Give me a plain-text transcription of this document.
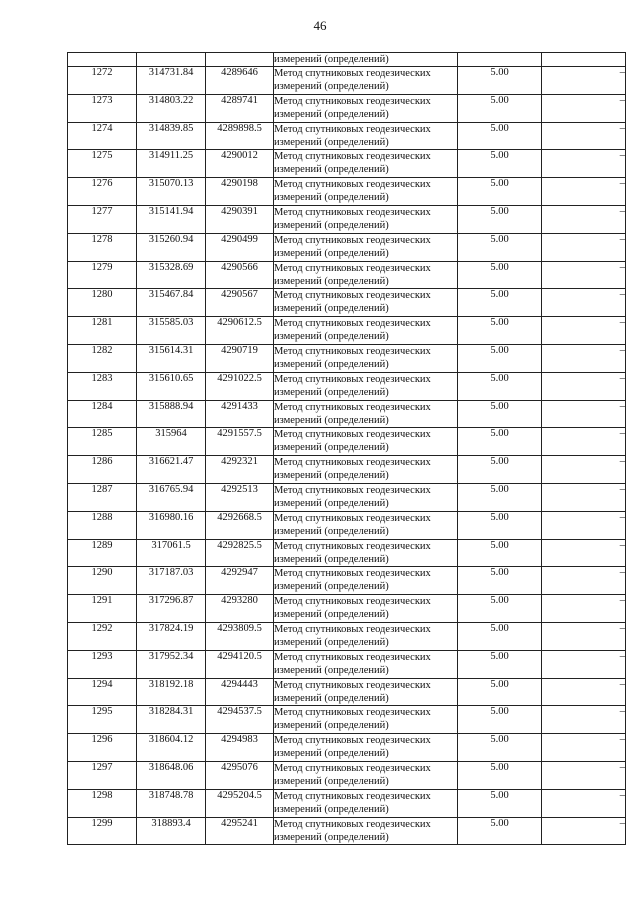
46
			измерений (определений)		
1272	314731.84	4289646	Метод спутниковых геодезических
измерений (определений)	5.00	–
1273	314803.22	4289741	Метод спутниковых геодезических
измерений (определений)	5.00	–
1274	314839.85	4289898.5	Метод спутниковых геодезических
измерений (определений)	5.00	–
1275	314911.25	4290012	Метод спутниковых геодезических
измерений (определений)	5.00	–
1276	315070.13	4290198	Метод спутниковых геодезических
измерений (определений)	5.00	–
1277	315141.94	4290391	Метод спутниковых геодезических
измерений (определений)	5.00	–
1278	315260.94	4290499	Метод спутниковых геодезических
измерений (определений)	5.00	–
1279	315328.69	4290566	Метод спутниковых геодезических
измерений (определений)	5.00	–
1280	315467.84	4290567	Метод спутниковых геодезических
измерений (определений)	5.00	–
1281	315585.03	4290612.5	Метод спутниковых геодезических
измерений (определений)	5.00	–
1282	315614.31	4290719	Метод спутниковых геодезических
измерений (определений)	5.00	–
1283	315610.65	4291022.5	Метод спутниковых геодезических
измерений (определений)	5.00	–
1284	315888.94	4291433	Метод спутниковых геодезических
измерений (определений)	5.00	–
1285	315964	4291557.5	Метод спутниковых геодезических
измерений (определений)	5.00	–
1286	316621.47	4292321	Метод спутниковых геодезических
измерений (определений)	5.00	–
1287	316765.94	4292513	Метод спутниковых геодезических
измерений (определений)	5.00	–
1288	316980.16	4292668.5	Метод спутниковых геодезических
измерений (определений)	5.00	–
1289	317061.5	4292825.5	Метод спутниковых геодезических
измерений (определений)	5.00	–
1290	317187.03	4292947	Метод спутниковых геодезических
измерений (определений)	5.00	–
1291	317296.87	4293280	Метод спутниковых геодезических
измерений (определений)	5.00	–
1292	317824.19	4293809.5	Метод спутниковых геодезических
измерений (определений)	5.00	–
1293	317952.34	4294120.5	Метод спутниковых геодезических
измерений (определений)	5.00	–
1294	318192.18	4294443	Метод спутниковых геодезических
измерений (определений)	5.00	–
1295	318284.31	4294537.5	Метод спутниковых геодезических
измерений (определений)	5.00	–
1296	318604.12	4294983	Метод спутниковых геодезических
измерений (определений)	5.00	–
1297	318648.06	4295076	Метод спутниковых геодезических
измерений (определений)	5.00	–
1298	318748.78	4295204.5	Метод спутниковых геодезических
измерений (определений)	5.00	–
1299	318893.4	4295241	Метод спутниковых геодезических
измерений (определений)	5.00	–
